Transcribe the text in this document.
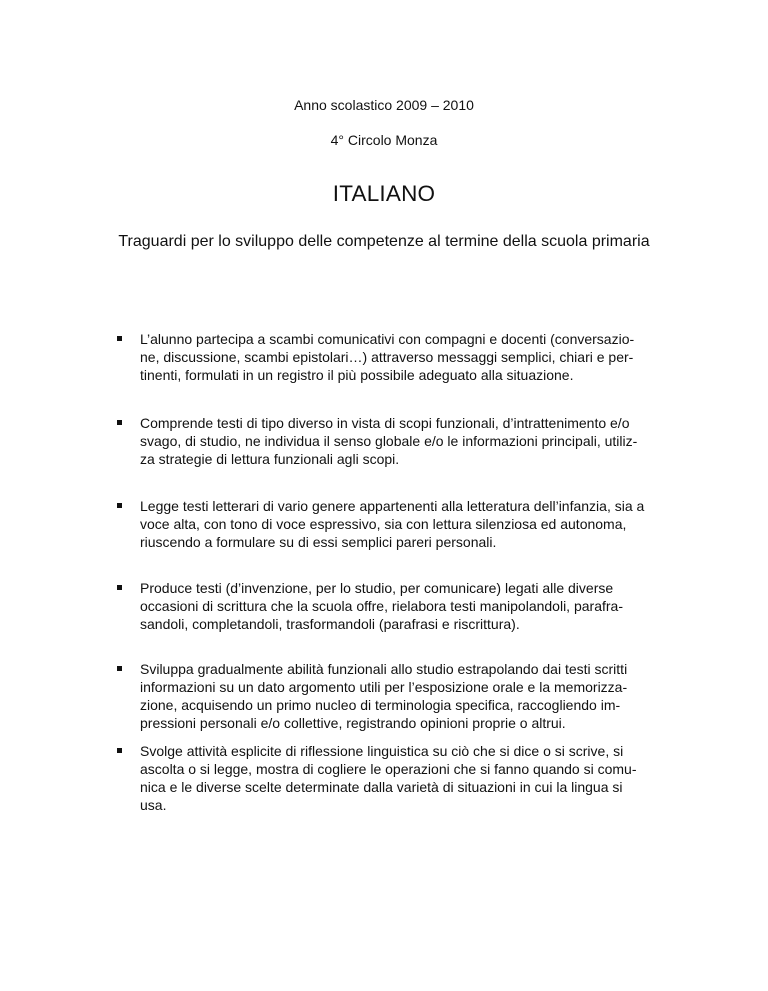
Anno scolastico 2009 – 2010
4° Circolo Monza
ITALIANO
Traguardi per lo sviluppo delle competenze al termine della scuola primaria
L’alunno partecipa a scambi comunicativi con compagni e docenti (conversazio-
ne, discussione, scambi epistolari…) attraverso messaggi semplici, chiari e per-
tinenti, formulati in un registro il più possibile adeguato alla situazione.
Comprende testi di tipo diverso in vista di scopi funzionali, d’intrattenimento e/o
svago, di studio, ne individua il senso globale e/o le informazioni principali, utiliz-
za strategie di lettura funzionali agli scopi.
Legge testi letterari di vario genere appartenenti alla letteratura dell’infanzia, sia a
voce alta, con tono di voce espressivo, sia con lettura silenziosa ed autonoma,
riuscendo a formulare su di essi semplici pareri personali.
Produce testi (d’invenzione, per lo studio, per comunicare) legati alle diverse
occasioni di scrittura che la scuola offre, rielabora testi manipolandoli, parafra-
sandoli, completandoli, trasformandoli (parafrasi e riscrittura).
Sviluppa gradualmente abilità funzionali allo studio estrapolando dai testi scritti
informazioni su un dato argomento utili per l’esposizione orale e la memorizza-
zione, acquisendo un primo nucleo di terminologia specifica, raccogliendo im-
pressioni personali e/o collettive, registrando opinioni proprie o altrui.
Svolge attività esplicite di riflessione linguistica su ciò che si dice o si scrive, si
ascolta o si legge, mostra di cogliere le operazioni che si fanno quando si comu-
nica e le diverse scelte determinate dalla varietà di situazioni in cui la lingua si
usa.
